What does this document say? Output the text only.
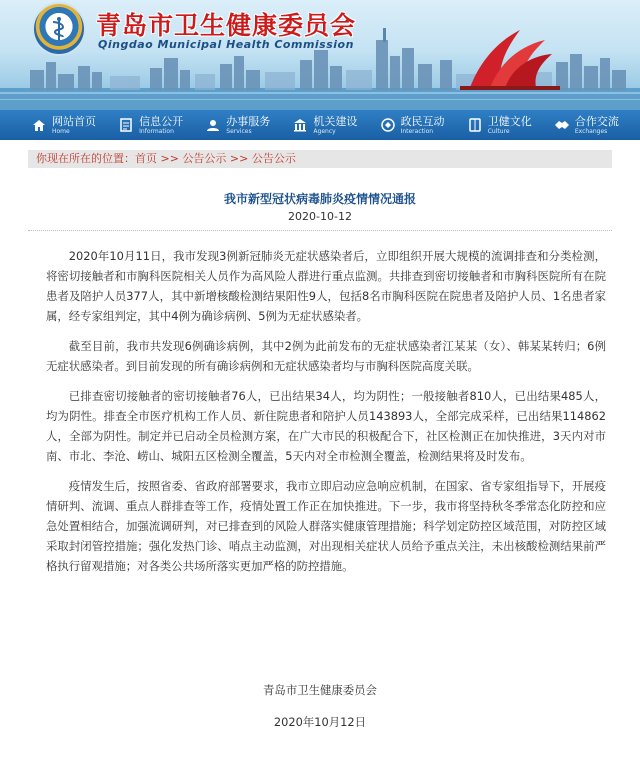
青岛市卫生健康委员会
Qingdao Municipal Health Commission
网站首页
Home
信息公开
Information
办事服务
Services
机关建设
Agency
政民互动
Interaction
卫健文化
Culture
合作交流
Exchanges
你现在所在的位置：首页 >> 公告公示 >> 公告公示
我市新型冠状病毒肺炎疫情情况通报
2020-10-12

2020年10月11日，我市发现3例新冠肺炎无症状感染者后，立即组织开展大规模的流调排查和分类检测，将密切接触者和市胸科医院相关人员作为高风险人群进行重点监测。共排查到密切接触者和市胸科医院所有在院患者及陪护人员377人，其中新增核酸检测结果阳性9人，包括8名市胸科医院在院患者及陪护人员、1名患者家属，经专家组判定，其中4例为确诊病例、5例为无症状感染者。

截至目前，我市共发现6例确诊病例，其中2例为此前发布的无症状感染者江某某（女）、韩某某转归；6例无症状感染者。到目前发现的所有确诊病例和无症状感染者均与市胸科医院高度关联。

已排查密切接触者的密切接触者76人，已出结果34人，均为阴性；一般接触者810人，已出结果485人，均为阴性。排查全市医疗机构工作人员、新住院患者和陪护人员143893人，全部完成采样，已出结果114862人，全部为阴性。制定并已启动全员检测方案，在广大市民的积极配合下，社区检测正在加快推进，3天内对市南、市北、李沧、崂山、城阳五区检测全覆盖，5天内对全市检测全覆盖，检测结果将及时发布。

疫情发生后，按照省委、省政府部署要求，我市立即启动应急响应机制，在国家、省专家组指导下，开展疫情研判、流调、重点人群排查等工作，疫情处置工作正在加快推进。下一步，我市将坚持秋冬季常态化防控和应急处置相结合，加强流调研判，对已排查到的风险人群落实健康管理措施；科学划定防控区域范围，对防控区域采取封闭管控措施；强化发热门诊、哨点主动监测，对出现相关症状人员给予重点关注，未出核酸检测结果前严格执行留观措施；对各类公共场所落实更加严格的防控措施。

青岛市卫生健康委员会
2020年10月12日
